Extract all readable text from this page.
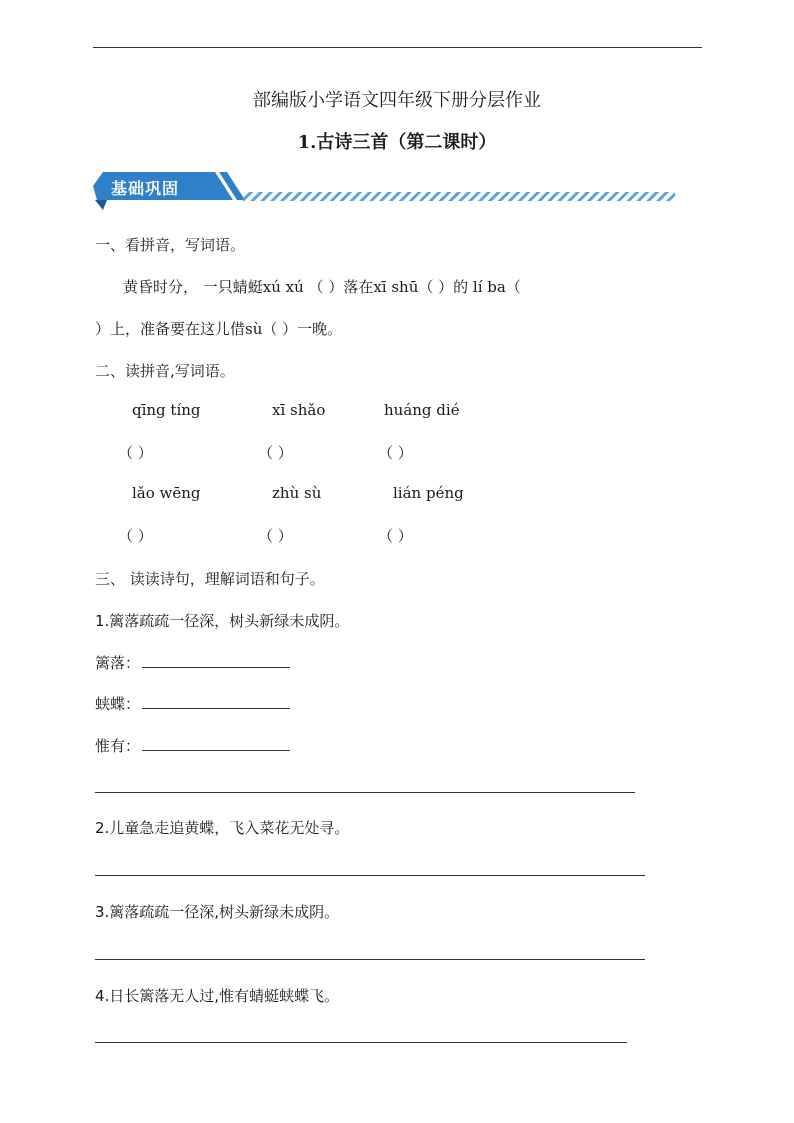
部编版小学语文四年级下册分层作业
1.古诗三首（第二课时）
基础巩固
一、看拼音，写词语。
黄昏时分， 一只蜻蜓xú xú （ ）落在xī shū（ ）的 lí ba（
）上，准备要在这儿借sù（ ）一晚。
二、读拼音,写词语。
qīng tíng	xī shǎo	huáng dié
（ ）	（ ）	（ ）
lǎo wēng	zhù sù	lián péng
（ ）	（ ）	（ ）
三、 读读诗句，理解词语和句子。
1.篱落疏疏一径深，树头新绿未成阴。
篱落：
蛱蝶：
惟有：
2.儿童急走追黄蝶，飞入菜花无处寻。
3.篱落疏疏一径深,树头新绿未成阴。
4.日长篱落无人过,惟有蜻蜓蛱蝶飞。
